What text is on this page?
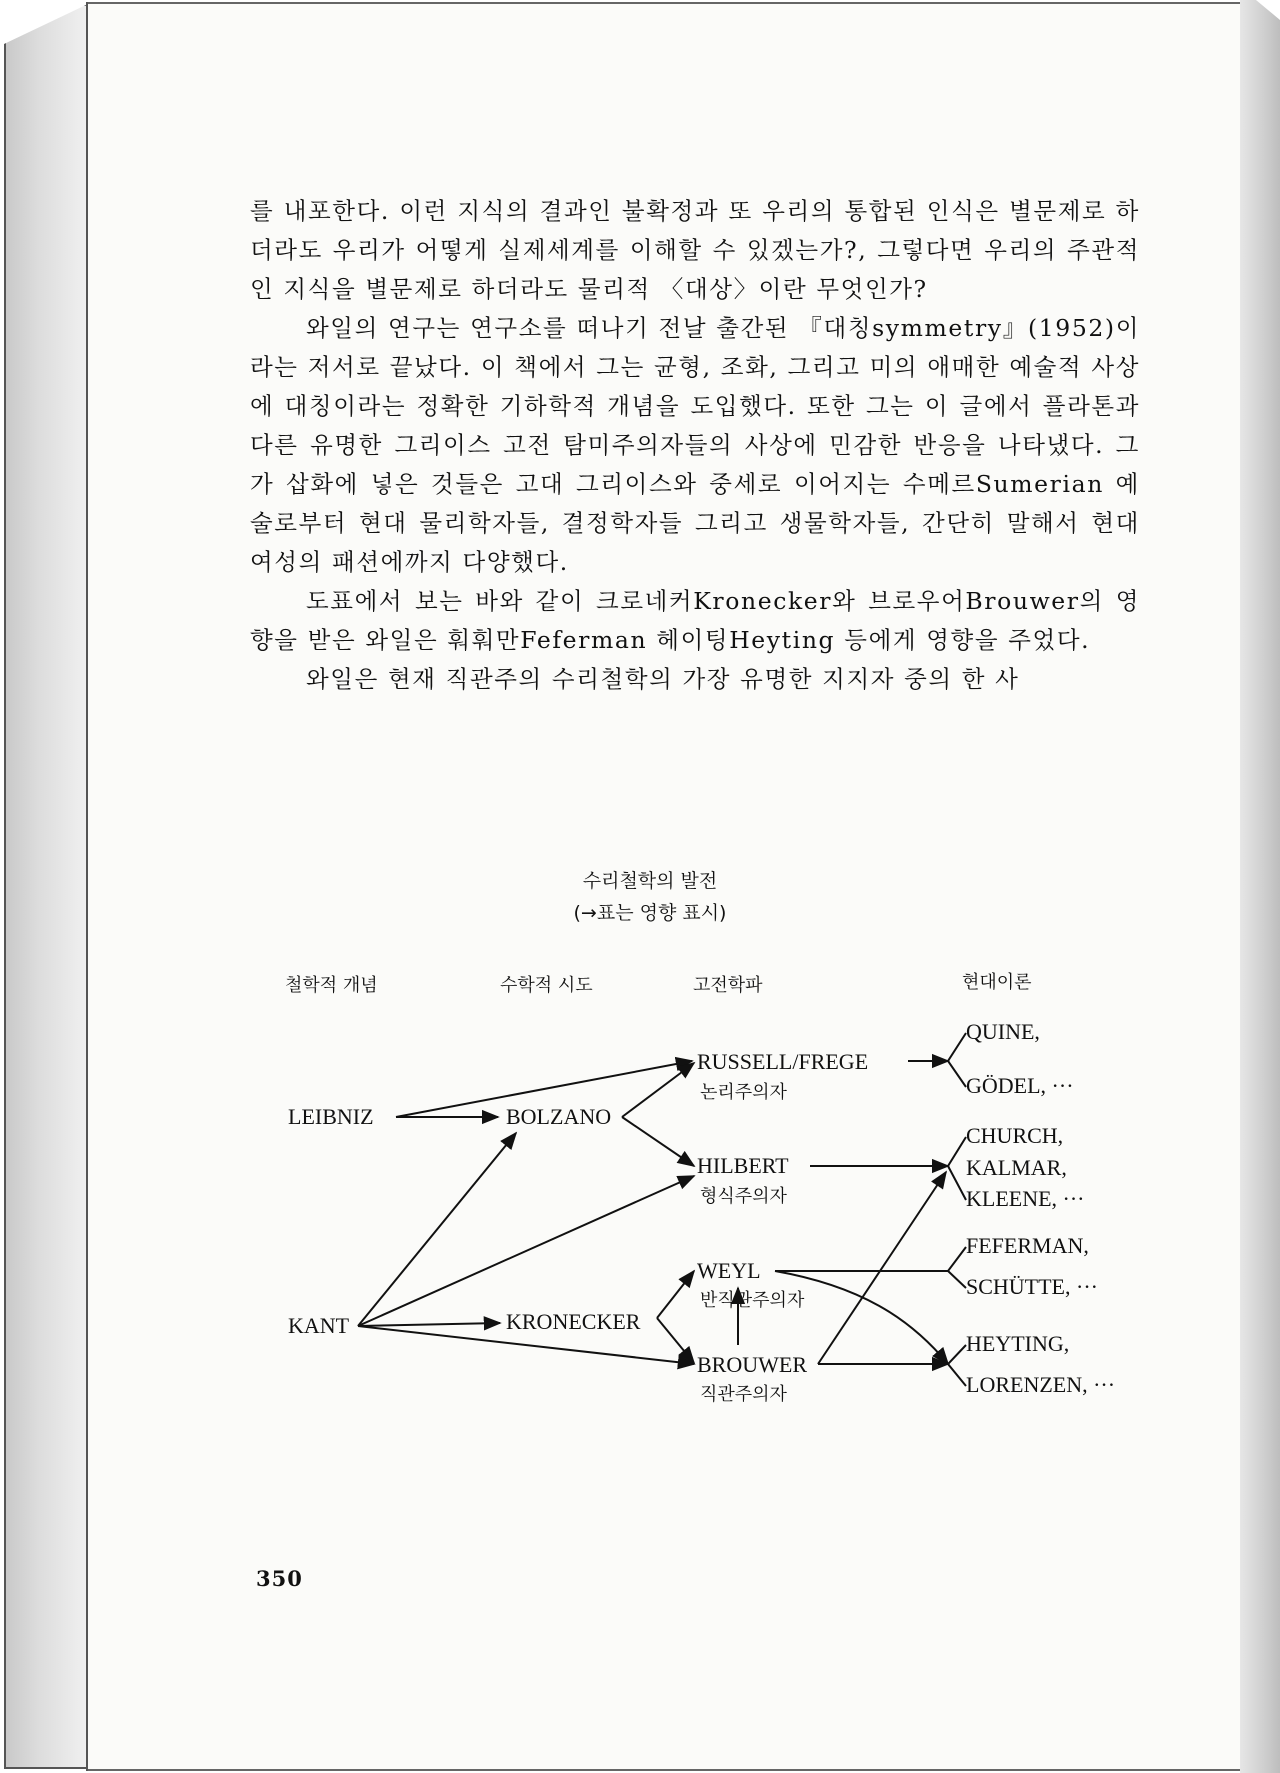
를 내포한다. 이런 지식의 결과인 불확정과 또 우리의 통합된 인식은 별문제로 하더라도 우리가 어떻게 실제세계를 이해할 수 있겠는가?, 그렇다면 우리의 주관적인 지식을 별문제로 하더라도 물리적 〈대상〉이란 무엇인가?

와일의 연구는 연구소를 떠나기 전날 출간된 『대칭symmetry』(1952)이라는 저서로 끝났다. 이 책에서 그는 균형, 조화, 그리고 미의 애매한 예술적 사상에 대칭이라는 정확한 기하학적 개념을 도입했다. 또한 그는 이 글에서 플라톤과 다른 유명한 그리이스 고전 탐미주의자들의 사상에 민감한 반응을 나타냈다. 그가 삽화에 넣은 것들은 고대 그리이스와 중세로 이어지는 수메르Sumerian 예술로부터 현대 물리학자들, 결정학자들 그리고 생물학자들, 간단히 말해서 현대 여성의 패션에까지 다양했다.

도표에서 보는 바와 같이 크로네커Kronecker와 브로우어Brouwer의 영향을 받은 와일은 훠훠만Feferman 헤이팅Heyting 등에게 영향을 주었다.

와일은 현재 직관주의 수리철학의 가장 유명한 지지자 중의 한 사

수리철학의 발전
(→표는 영향 표시)
철학적 개념	수학적 시도	고전학파	현대이론
LEIBNIZ
KANT
BOLZANO
KRONECKER
RUSSELL/FREGE
논리주의자
HILBERT
형식주의자
WEYL
반직관주의자
BROUWER
직관주의자
QUINE,
GÖDEL, ···
CHURCH,
KALMAR,
KLEENE, ···
FEFERMAN,
SCHÜTTE, ···
HEYTING,
LORENZEN, ···
350
